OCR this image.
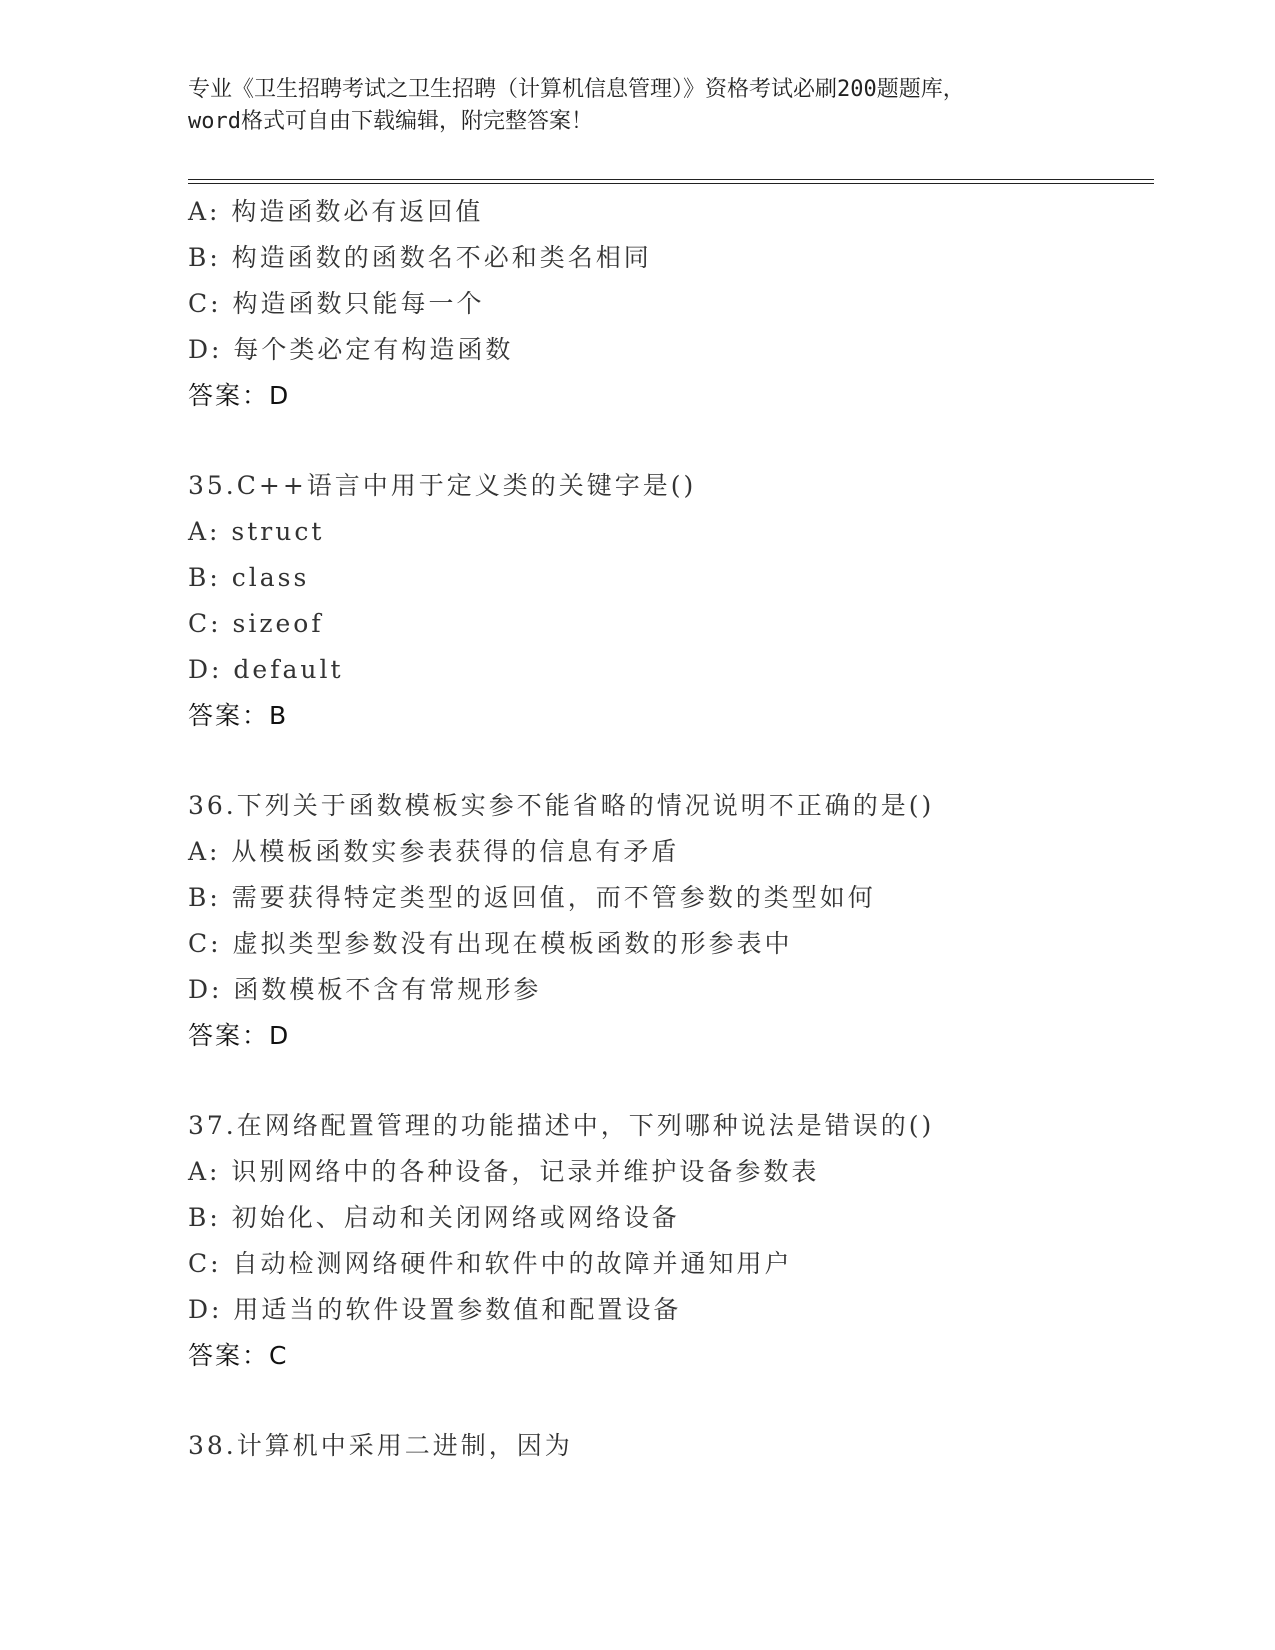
专业《卫生招聘考试之卫生招聘（计算机信息管理）》资格考试必刷200题题库，
word格式可自由下载编辑，附完整答案！
A: 构造函数必有返回值
B: 构造函数的函数名不必和类名相同
C: 构造函数只能每一个
D: 每个类必定有构造函数
答案：D
35.C++语言中用于定义类的关键字是()
A: struct
B: class
C: sizeof
D: default
答案：B
36.下列关于函数模板实参不能省略的情况说明不正确的是()
A: 从模板函数实参表获得的信息有矛盾
B: 需要获得特定类型的返回值，而不管参数的类型如何
C: 虚拟类型参数没有出现在模板函数的形参表中
D: 函数模板不含有常规形参
答案：D
37.在网络配置管理的功能描述中，下列哪种说法是错误的()
A: 识别网络中的各种设备，记录并维护设备参数表
B: 初始化、启动和关闭网络或网络设备
C: 自动检测网络硬件和软件中的故障并通知用户
D: 用适当的软件设置参数值和配置设备
答案：C
38.计算机中采用二进制，因为
